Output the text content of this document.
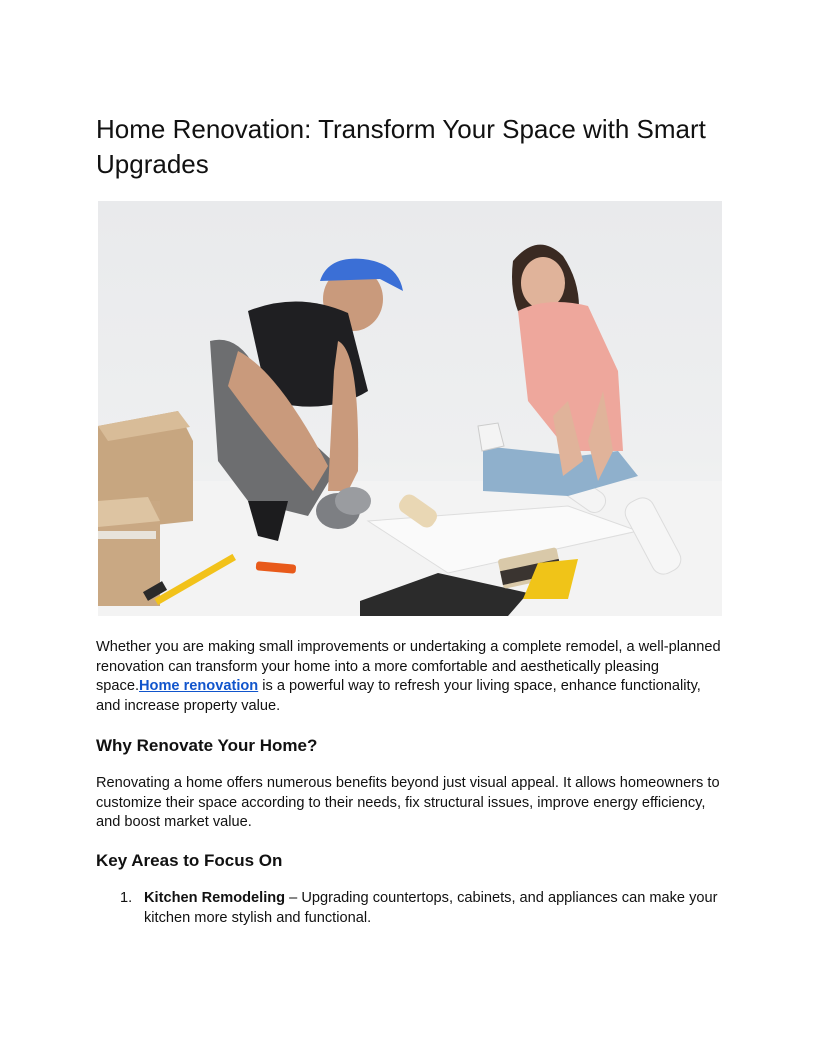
Home Renovation: Transform Your Space with Smart Upgrades

Whether you are making small improvements or undertaking a complete remodel, a well-planned renovation can transform your home into a more comfortable and aesthetically pleasing space.Home renovation is a powerful way to refresh your living space, enhance functionality, and increase property value.

Why Renovate Your Home?

Renovating a home offers numerous benefits beyond just visual appeal. It allows homeowners to customize their space according to their needs, fix structural issues, improve energy efficiency, and boost market value.

Key Areas to Focus On
1. Kitchen Remodeling – Upgrading countertops, cabinets, and appliances can make your kitchen more stylish and functional.
